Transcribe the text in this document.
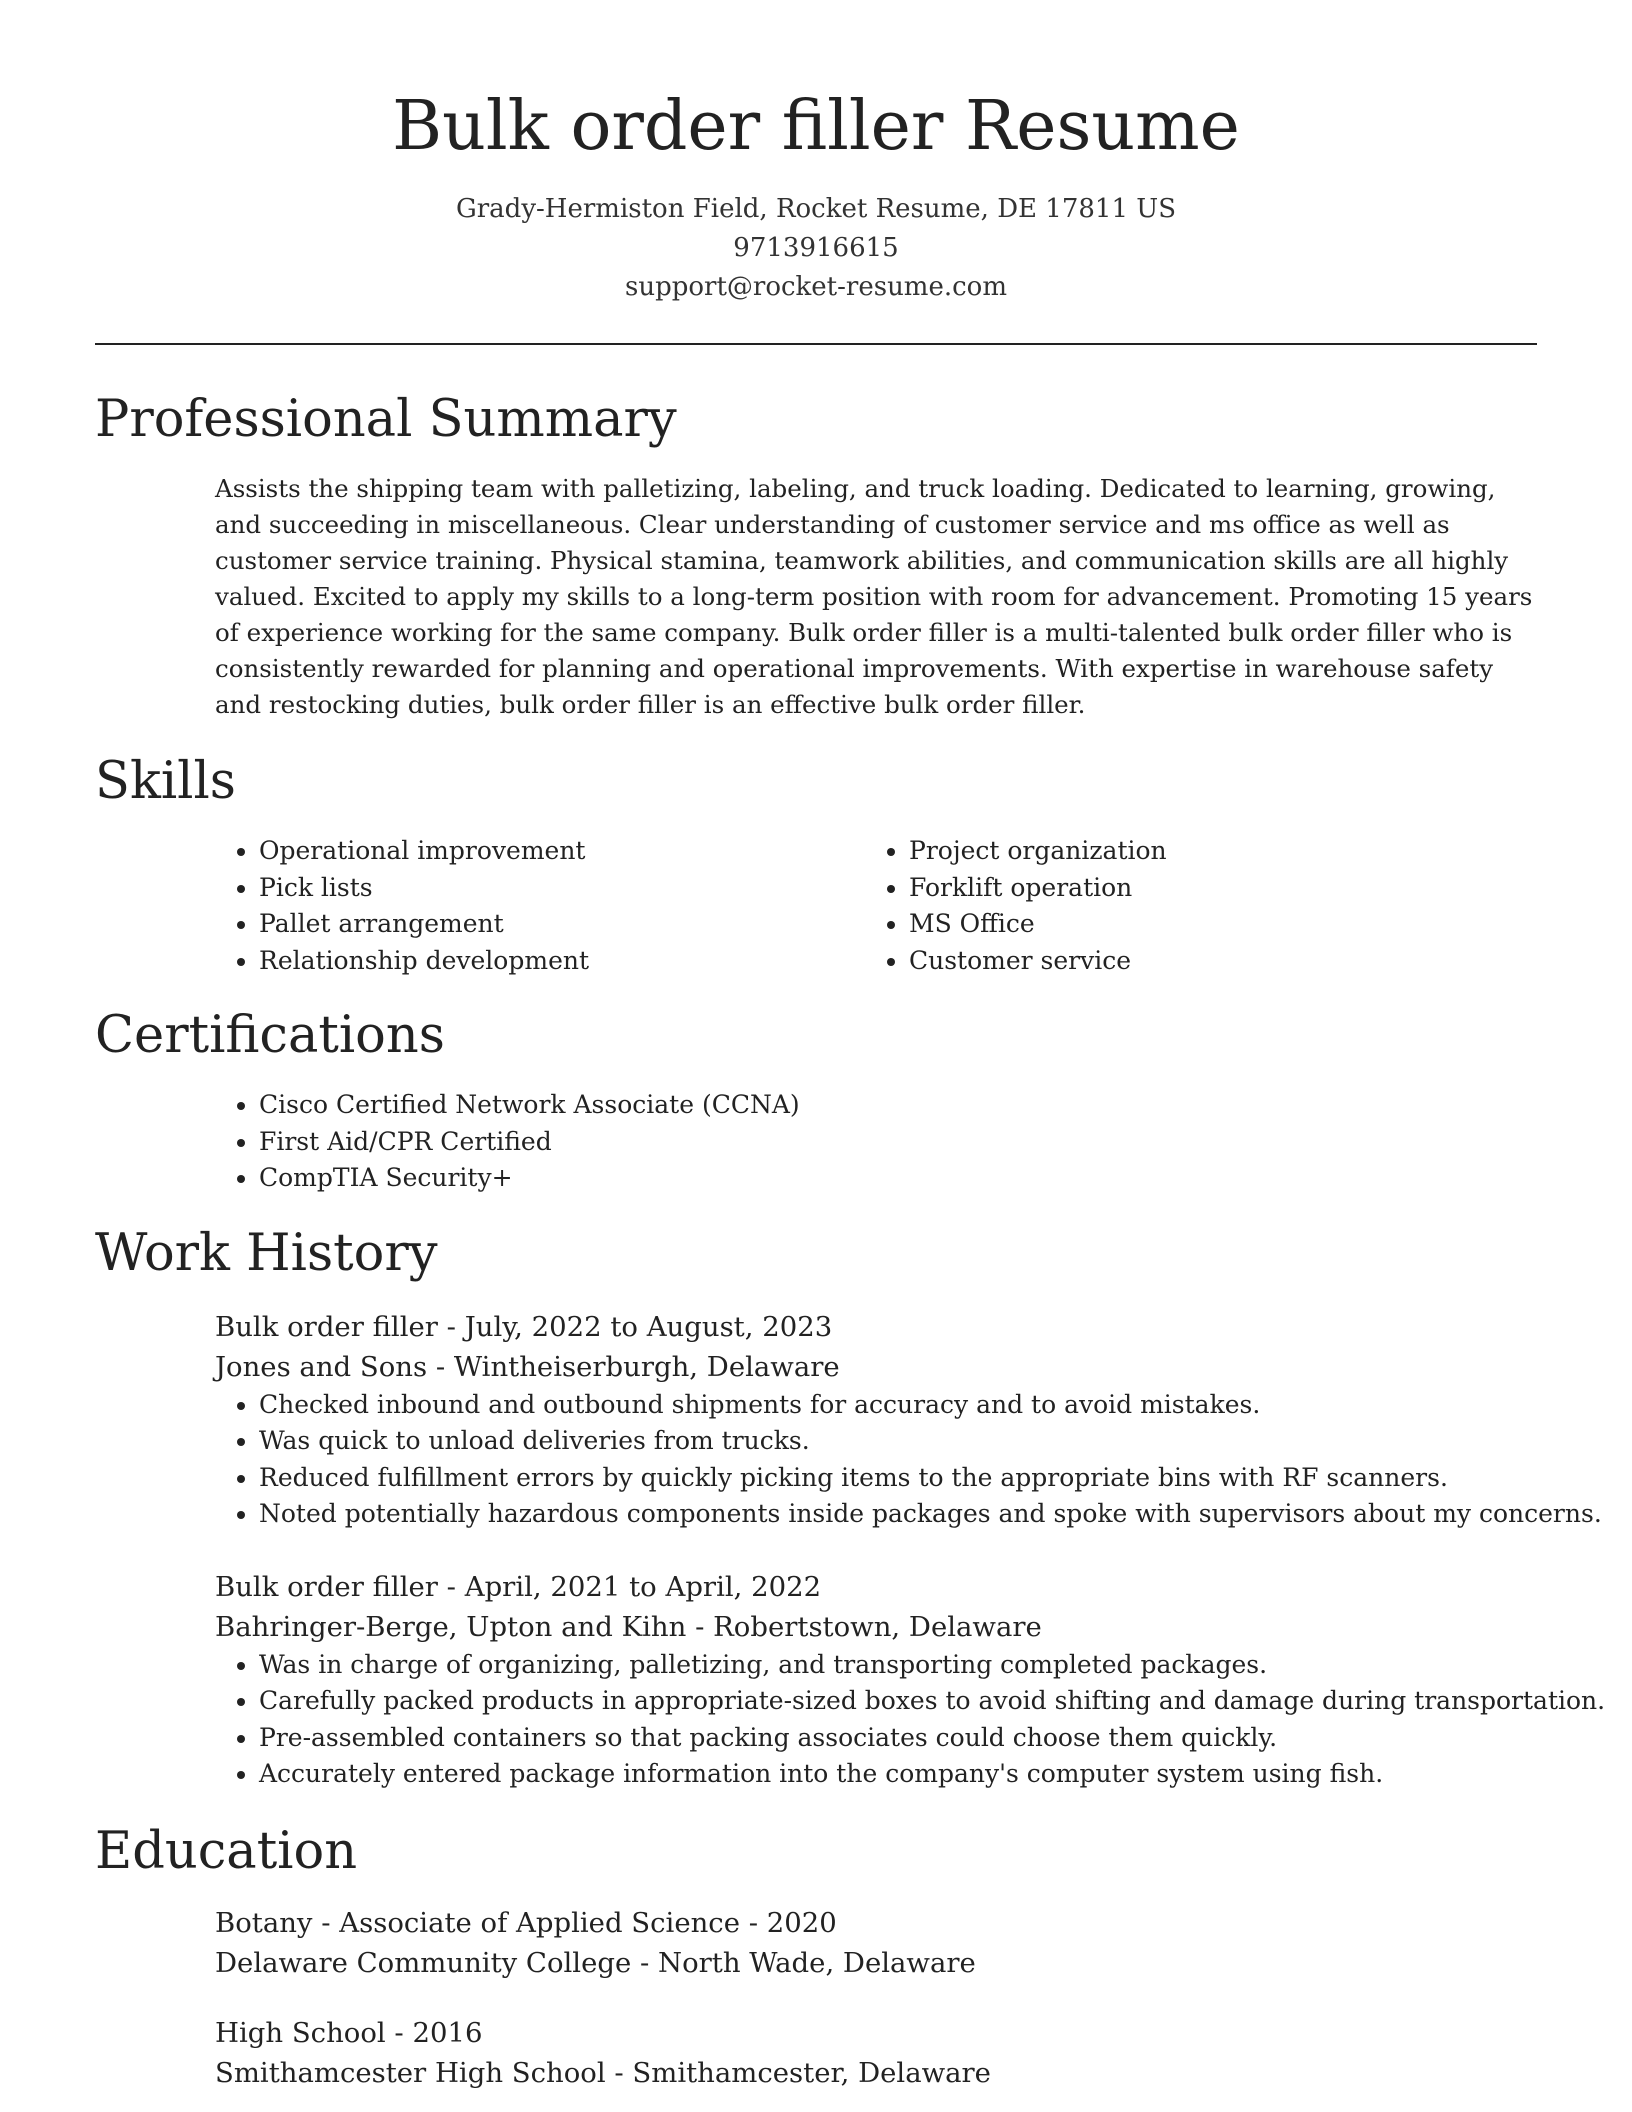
Bulk order filler Resume
Grady-Hermiston Field, Rocket Resume, DE 17811 US
9713916615
support@rocket-resume.com
Professional Summary

Assists the shipping team with palletizing, labeling, and truck loading. Dedicated to learning, growing, and succeeding in miscellaneous. Clear understanding of customer service and ms office as well as customer service training. Physical stamina, teamwork abilities, and communication skills are all highly valued. Excited to apply my skills to a long-term position with room for advancement. Promoting 15 years of experience working for the same company. Bulk order filler is a multi-talented bulk order filler who is consistently rewarded for planning and operational improvements. With expertise in warehouse safety and restocking duties, bulk order filler is an effective bulk order filler.

Skills
• Operational improvement
• Pick lists
• Pallet arrangement
• Relationship development
• Project organization
• Forklift operation
• MS Office
• Customer service
Certifications
• Cisco Certified Network Associate (CCNA)
• First Aid/CPR Certified
• CompTIA Security+
Work History
Bulk order filler - July, 2022 to August, 2023
Jones and Sons - Wintheiserburgh, Delaware
• Checked inbound and outbound shipments for accuracy and to avoid mistakes.
• Was quick to unload deliveries from trucks.
• Reduced fulfillment errors by quickly picking items to the appropriate bins with RF scanners.
• Noted potentially hazardous components inside packages and spoke with supervisors about my concerns.
Bulk order filler - April, 2021 to April, 2022
Bahringer-Berge, Upton and Kihn - Robertstown, Delaware
• Was in charge of organizing, palletizing, and transporting completed packages.
• Carefully packed products in appropriate-sized boxes to avoid shifting and damage during transportation.
• Pre-assembled containers so that packing associates could choose them quickly.
• Accurately entered package information into the company's computer system using fish.
Education
Botany - Associate of Applied Science - 2020
Delaware Community College - North Wade, Delaware
High School - 2016
Smithamcester High School - Smithamcester, Delaware
